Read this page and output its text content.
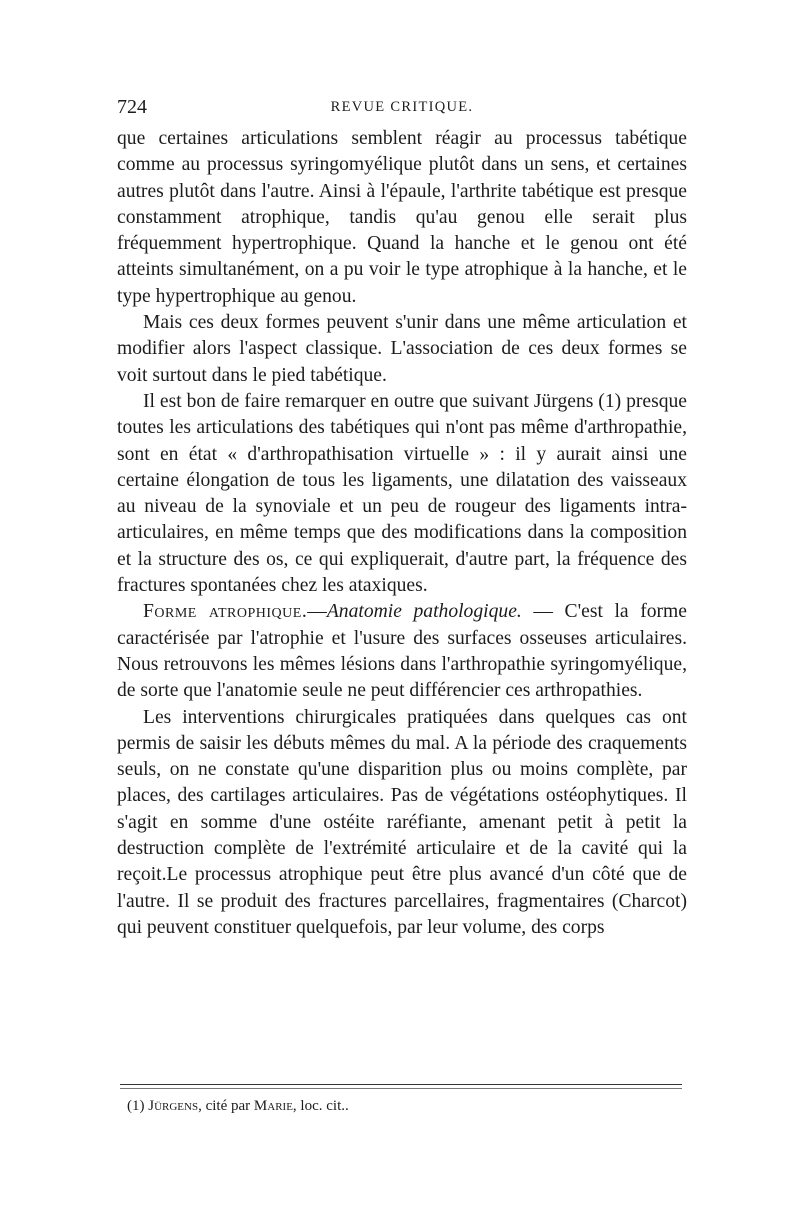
724	REVUE CRITIQUE.

que certaines articulations semblent réagir au processus tabétique comme au processus syringomyélique plutôt dans un sens, et certaines autres plutôt dans l'autre. Ainsi à l'épaule, l'arthrite tabétique est presque constamment atrophique, tandis qu'au genou elle serait plus fréquemment hypertrophique. Quand la hanche et le genou ont été atteints simultanément, on a pu voir le type atrophique à la hanche, et le type hypertrophique au genou.

Mais ces deux formes peuvent s'unir dans une même articulation et modifier alors l'aspect classique. L'association de ces deux formes se voit surtout dans le pied tabétique.

Il est bon de faire remarquer en outre que suivant Jürgens (1) presque toutes les articulations des tabétiques qui n'ont pas même d'arthropathie, sont en état « d'arthropathisation virtuelle » : il y aurait ainsi une certaine élongation de tous les ligaments, une dilatation des vaisseaux au niveau de la synoviale et un peu de rougeur des ligaments intra-articulaires, en même temps que des modifications dans la composition et la structure des os, ce qui expliquerait, d'autre part, la fréquence des fractures spontanées chez les ataxiques.

Forme atrophique.—Anatomie pathologique. — C'est la forme caractérisée par l'atrophie et l'usure des surfaces osseuses articulaires. Nous retrouvons les mêmes lésions dans l'arthropathie syringomyélique, de sorte que l'anatomie seule ne peut différencier ces arthropathies.

Les interventions chirurgicales pratiquées dans quelques cas ont permis de saisir les débuts mêmes du mal. A la période des craquements seuls, on ne constate qu'une disparition plus ou moins complète, par places, des cartilages articulaires. Pas de végétations ostéophytiques. Il s'agit en somme d'une ostéite raréfiante, amenant petit à petit la destruction complète de l'extrémité articulaire et de la cavité qui la reçoit.Le processus atrophique peut être plus avancé d'un côté que de l'autre. Il se produit des fractures parcellaires, fragmentaires (Charcot) qui peuvent constituer quelquefois, par leur volume, des corps

(1) Jürgens, cité par Marie, loc. cit..
